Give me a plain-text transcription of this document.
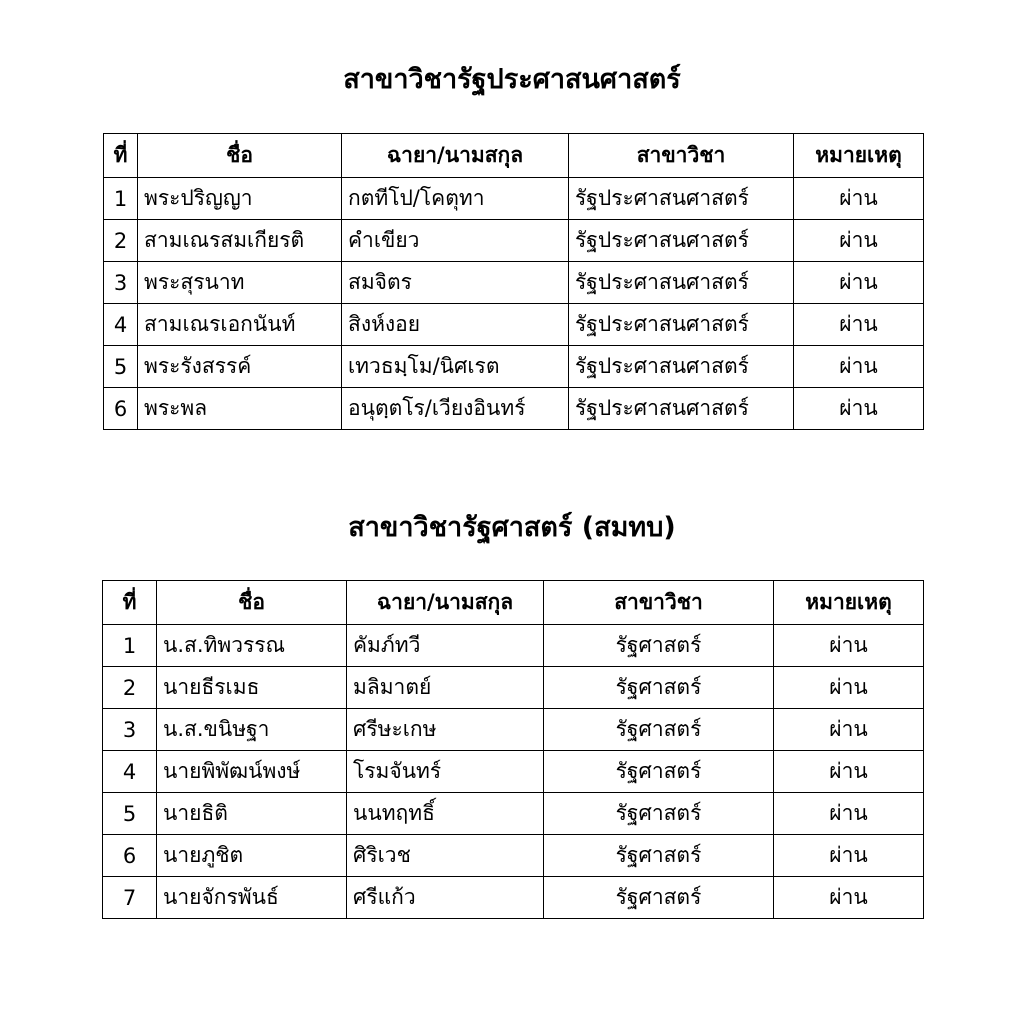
สาขาวิชารัฐประศาสนศาสตร์
ที่	ชื่อ	ฉายา/นามสกุล	สาขาวิชา	หมายเหตุ
1	พระปริญญา	กตทีโป/โคตุทา	รัฐประศาสนศาสตร์	ผ่าน
2	สามเณรสมเกียรติ	คำเขียว	รัฐประศาสนศาสตร์	ผ่าน
3	พระสุรนาท	สมจิตร	รัฐประศาสนศาสตร์	ผ่าน
4	สามเณรเอกนันท์	สิงห์งอย	รัฐประศาสนศาสตร์	ผ่าน
5	พระรังสรรค์	เทวธมฺโม/นิศเรต	รัฐประศาสนศาสตร์	ผ่าน
6	พระพล	อนุตฺตโร/เวียงอินทร์	รัฐประศาสนศาสตร์	ผ่าน
สาขาวิชารัฐศาสตร์ (สมทบ)
ที่	ชื่อ	ฉายา/นามสกุล	สาขาวิชา	หมายเหตุ
1	น.ส.ทิพวรรณ	คัมภ์ทวี	รัฐศาสตร์	ผ่าน
2	นายธีรเมธ	มลิมาตย์	รัฐศาสตร์	ผ่าน
3	น.ส.ขนิษฐา	ศรีษะเกษ	รัฐศาสตร์	ผ่าน
4	นายพิพัฒน์พงษ์	โรมจันทร์	รัฐศาสตร์	ผ่าน
5	นายธิติ	นนทฤทธิ์	รัฐศาสตร์	ผ่าน
6	นายภูชิต	ศิริเวช	รัฐศาสตร์	ผ่าน
7	นายจักรพันธ์	ศรีแก้ว	รัฐศาสตร์	ผ่าน
